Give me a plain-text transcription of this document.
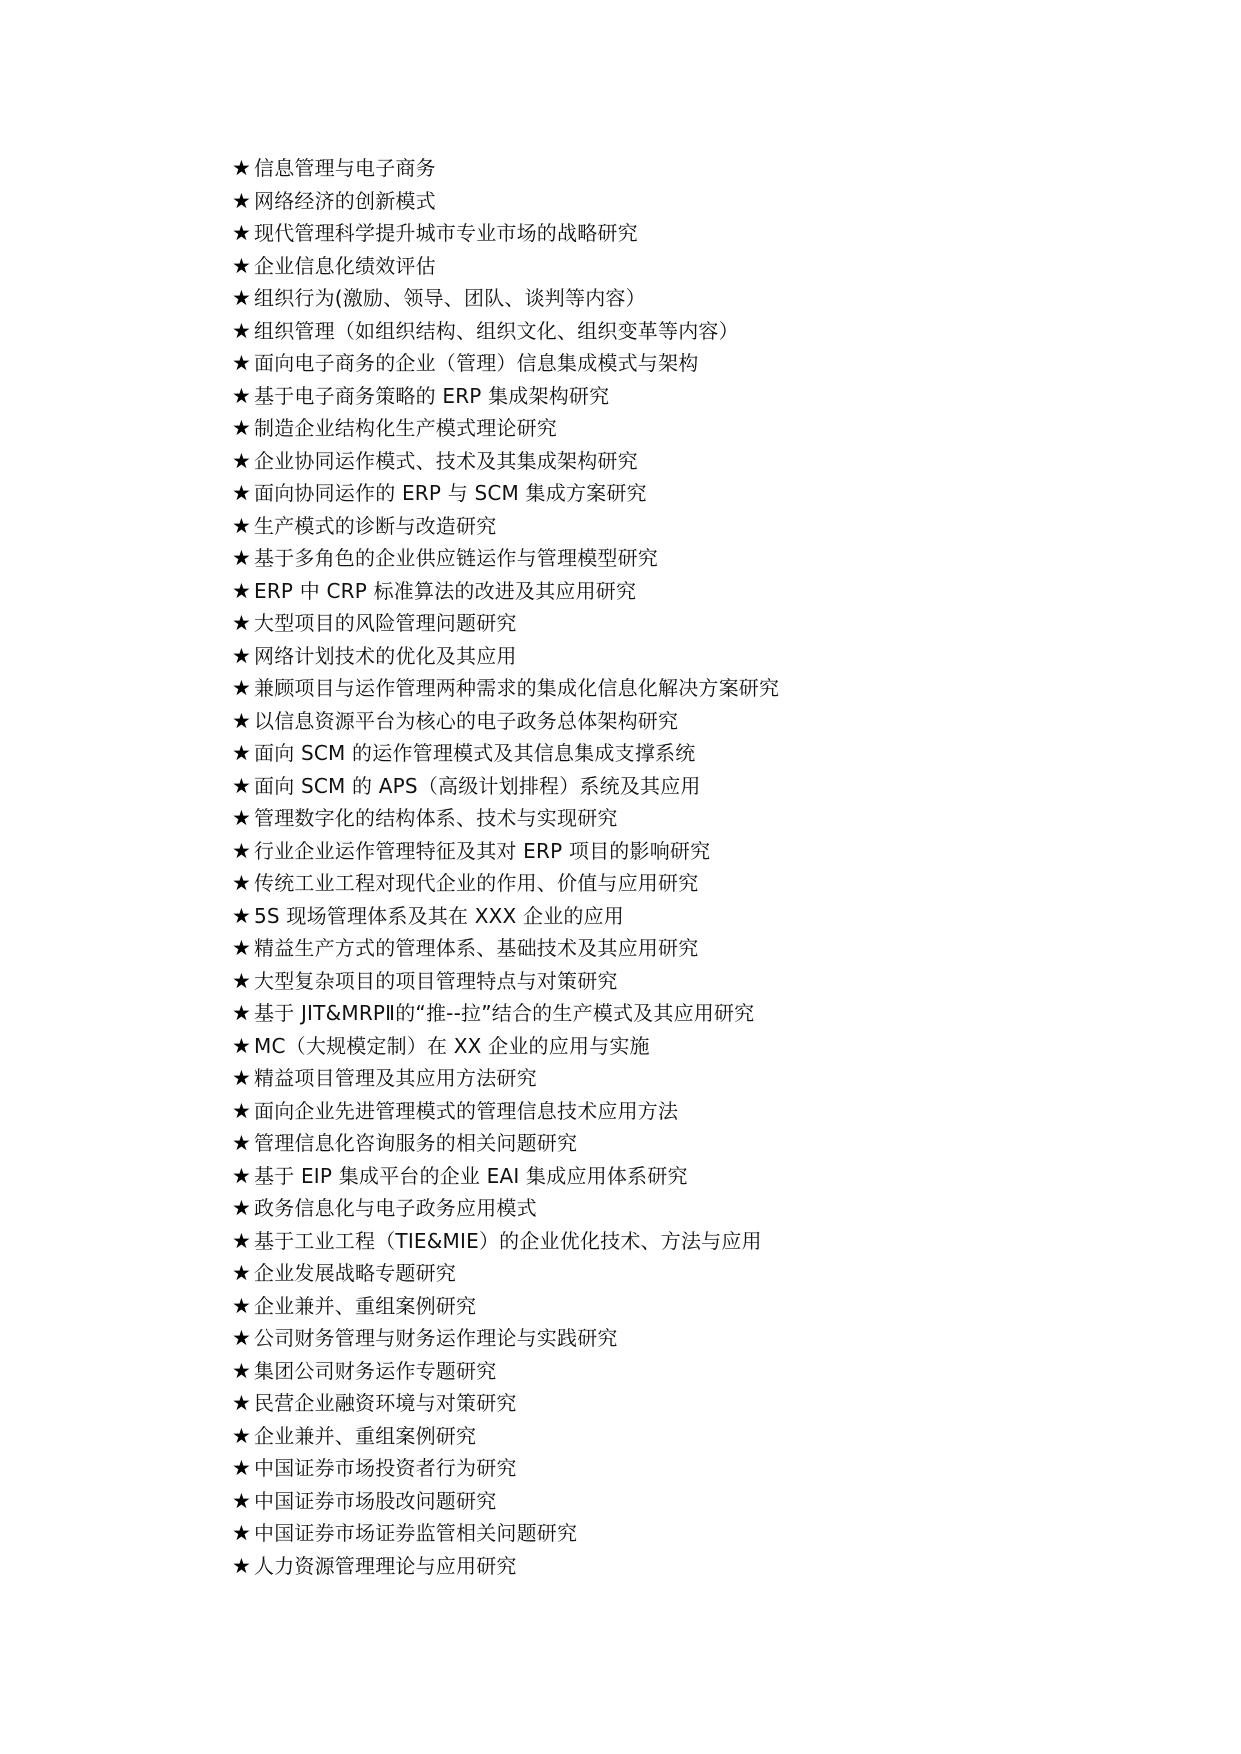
★ 信息管理与电子商务
★ 网络经济的创新模式
★ 现代管理科学提升城市专业市场的战略研究
★ 企业信息化绩效评估
★ 组织行为(激励、领导、团队、谈判等内容）
★ 组织管理（如组织结构、组织文化、组织变革等内容）
★ 面向电子商务的企业（管理）信息集成模式与架构
★ 基于电子商务策略的 ERP 集成架构研究
★ 制造企业结构化生产模式理论研究
★ 企业协同运作模式、技术及其集成架构研究
★ 面向协同运作的 ERP 与 SCM 集成方案研究
★ 生产模式的诊断与改造研究
★ 基于多角色的企业供应链运作与管理模型研究
★ ERP 中 CRP 标准算法的改进及其应用研究
★ 大型项目的风险管理问题研究
★ 网络计划技术的优化及其应用
★ 兼顾项目与运作管理两种需求的集成化信息化解决方案研究
★ 以信息资源平台为核心的电子政务总体架构研究
★ 面向 SCM 的运作管理模式及其信息集成支撑系统
★ 面向 SCM 的 APS（高级计划排程）系统及其应用
★ 管理数字化的结构体系、技术与实现研究
★ 行业企业运作管理特征及其对 ERP 项目的影响研究
★ 传统工业工程对现代企业的作用、价值与应用研究
★ 5S 现场管理体系及其在 XXX 企业的应用
★ 精益生产方式的管理体系、基础技术及其应用研究
★ 大型复杂项目的项目管理特点与对策研究
★ 基于 JIT&MRPⅡ的“推--拉”结合的生产模式及其应用研究
★ MC（大规模定制）在 XX 企业的应用与实施
★ 精益项目管理及其应用方法研究
★ 面向企业先进管理模式的管理信息技术应用方法
★ 管理信息化咨询服务的相关问题研究
★ 基于 EIP 集成平台的企业 EAI 集成应用体系研究
★ 政务信息化与电子政务应用模式
★ 基于工业工程（TIE&MIE）的企业优化技术、方法与应用
★ 企业发展战略专题研究
★ 企业兼并、重组案例研究
★ 公司财务管理与财务运作理论与实践研究
★ 集团公司财务运作专题研究
★ 民营企业融资环境与对策研究
★ 企业兼并、重组案例研究
★ 中国证券市场投资者行为研究
★ 中国证券市场股改问题研究
★ 中国证券市场证券监管相关问题研究
★ 人力资源管理理论与应用研究
